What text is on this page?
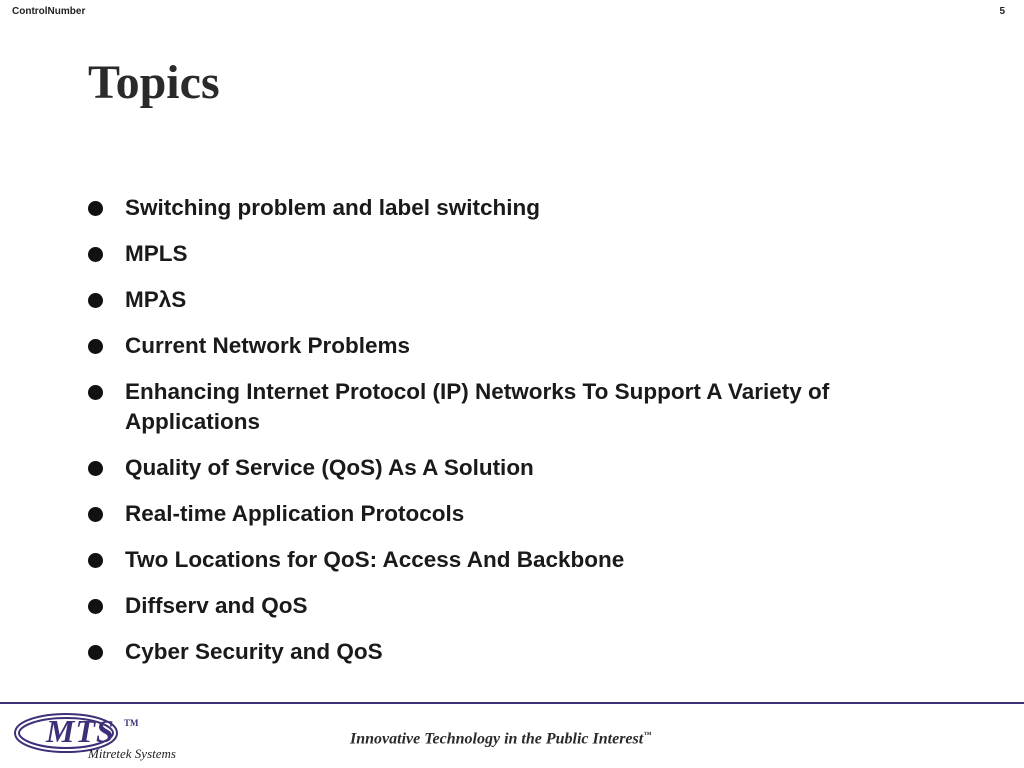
ControlNumber	5
Topics
Switching problem and label switching
MPLS
MPλS
Current Network Problems
Enhancing Internet Protocol (IP) Networks To Support A Variety of Applications
Quality of Service (QoS) As A Solution
Real-time Application Protocols
Two Locations for QoS: Access And Backbone
Diffserv and QoS
Cyber Security and QoS
MTS TM
Mitretek Systems
Innovative Technology in the Public Interest™
